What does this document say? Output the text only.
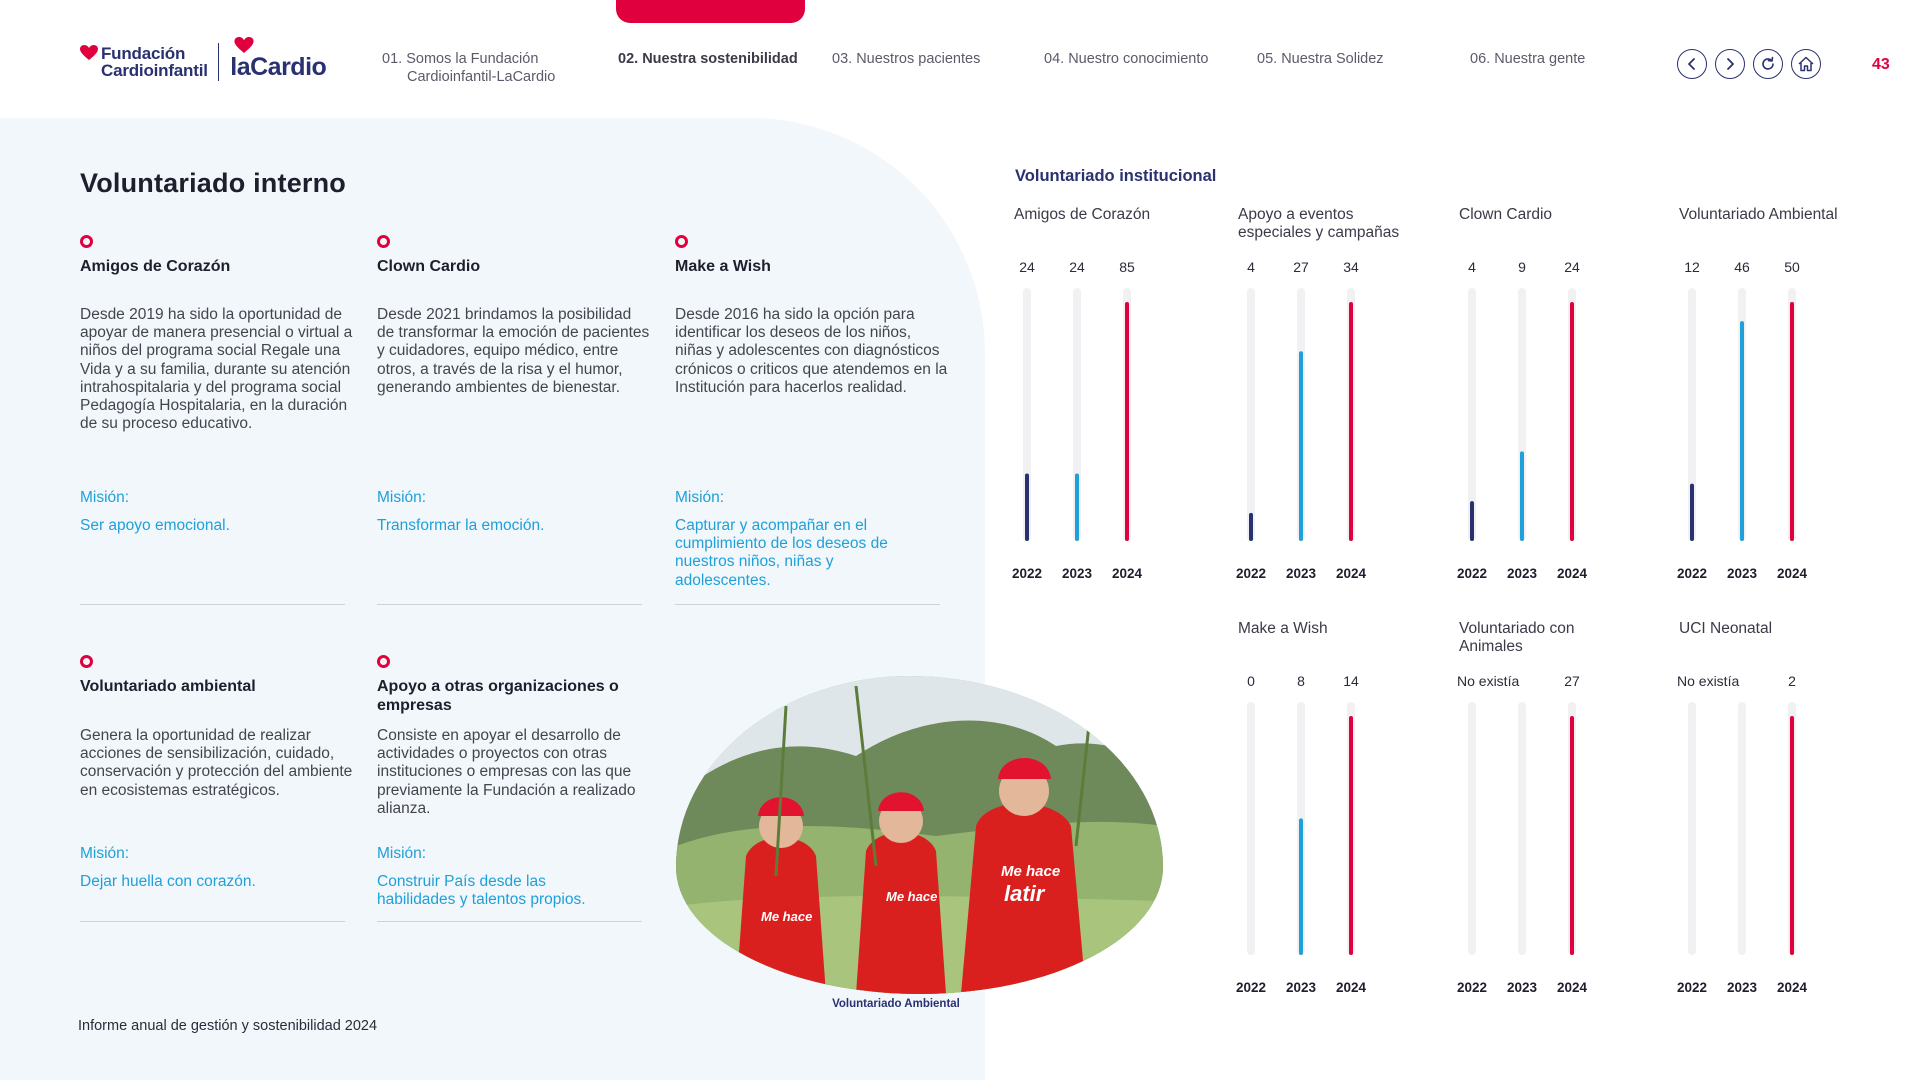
Fundación
Cardioinfantil laCardio	01. Somos la Fundación
Cardioinfantil-LaCardio
02. Nuestra sostenibilidad 03. Nuestros pacientes	04. Nuestro conocimiento	05. Nuestra Solidez	06. Nuestra gente	43
Voluntariado interno
Amigos de Corazón

Desde 2019 ha sido la oportunidad de apoyar de manera presencial o virtual a niños del programa social Regale una Vida y a su familia, durante su atención intrahospitalaria y del programa social Pedagogía Hospitalaria, en la duración de su proceso educativo.

Misión:

Ser apoyo emocional.

Clown Cardio

Desde 2021 brindamos la posibilidad de transformar la emoción de pacientes y cuidadores, equipo médico, entre otros, a través de la risa y el humor, generando ambientes de bienestar.

Misión:

Transformar la emoción.

Make a Wish

Desde 2016 ha sido la opción para identificar los deseos de los niños, niñas y adolescentes con diagnósticos crónicos o criticos que atendemos en la Institución para hacerlos realidad.

Misión:

Capturar y acompañar en el cumplimiento de los deseos de nuestros niños, niñas y adolescentes.

Voluntariado ambiental

Genera la oportunidad de realizar acciones de sensibilización, cuidado, conservación y protección del ambiente en ecosistemas estratégicos.

Misión:

Dejar huella con corazón.

Apoyo a otras organizaciones o empresas

Consiste en apoyar el desarrollo de actividades o proyectos con otras instituciones o empresas con las que previamente la Fundación a realizado alianza.

Misión:

Construir País desde las habilidades y talentos propios.

Me hace
latir
Me hace
Me hace
Voluntariado Ambiental
Informe anual de gestión y sostenibilidad 2024
Voluntariado institucional
Amigos de Corazón
24
2022
24
2023
85
2024
Apoyo a eventos especiales y campañas
4
2022
27
2023
34
2024
Clown Cardio
4
2022
9
2023
24
2024
Voluntariado Ambiental
12
2022
46
2023
50
2024
Make a Wish
0
2022
8
2023
14
2024
Voluntariado con Animales
No existía
2022 2023
27
2024
UCI Neonatal
No existía
2022 2023
2
2024
